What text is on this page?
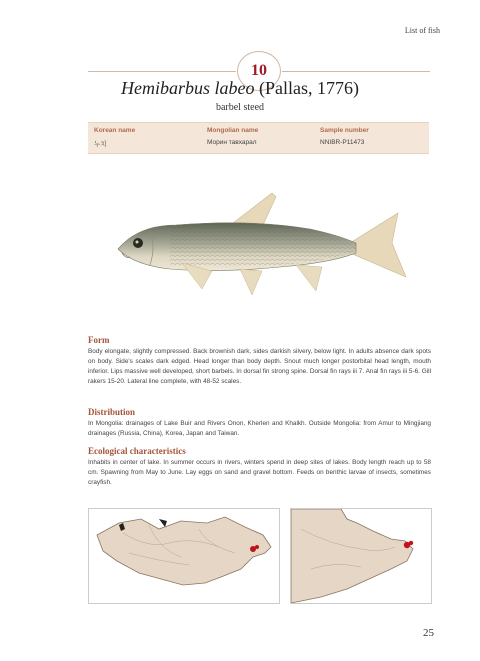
List of fish
10
Hemibarbus labeo (Pallas, 1776)
barbel steed
Korean name
누치
Mongolian name
Морин тавхарал
Sample number
NNIBR-P11473
Form

Body elongate, slightly compressed. Back brownish dark, sides darkish silvery, below light. In adults absence dark spots on body. Side's scales dark edged. Head longer than body depth. Snout much longer postorbital head length, mouth inferior. Lips massive well developed, short barbels. In dorsal fin strong spine. Dorsal fin rays iii 7. Anal fin rays iii 5-6. Gill rakers 15-20. Lateral line complete, with 48-52 scales.

Distribution

In Mongolia: drainages of Lake Buir and Rivers Onon, Kherlen and Khalkh. Outside Mongolia: from Amur to Mingjiang drainages (Russia, China), Korea, Japan and Taiwan.

Ecological characteristics

Inhabits in center of lake. In summer occurs in rivers, winters spend in deep sites of lakes. Body length reach up to 58 cm. Spawning from May to June. Lay eggs on sand and gravel bottom. Feeds on benthic larvae of insects, sometimes crayfish.

25
